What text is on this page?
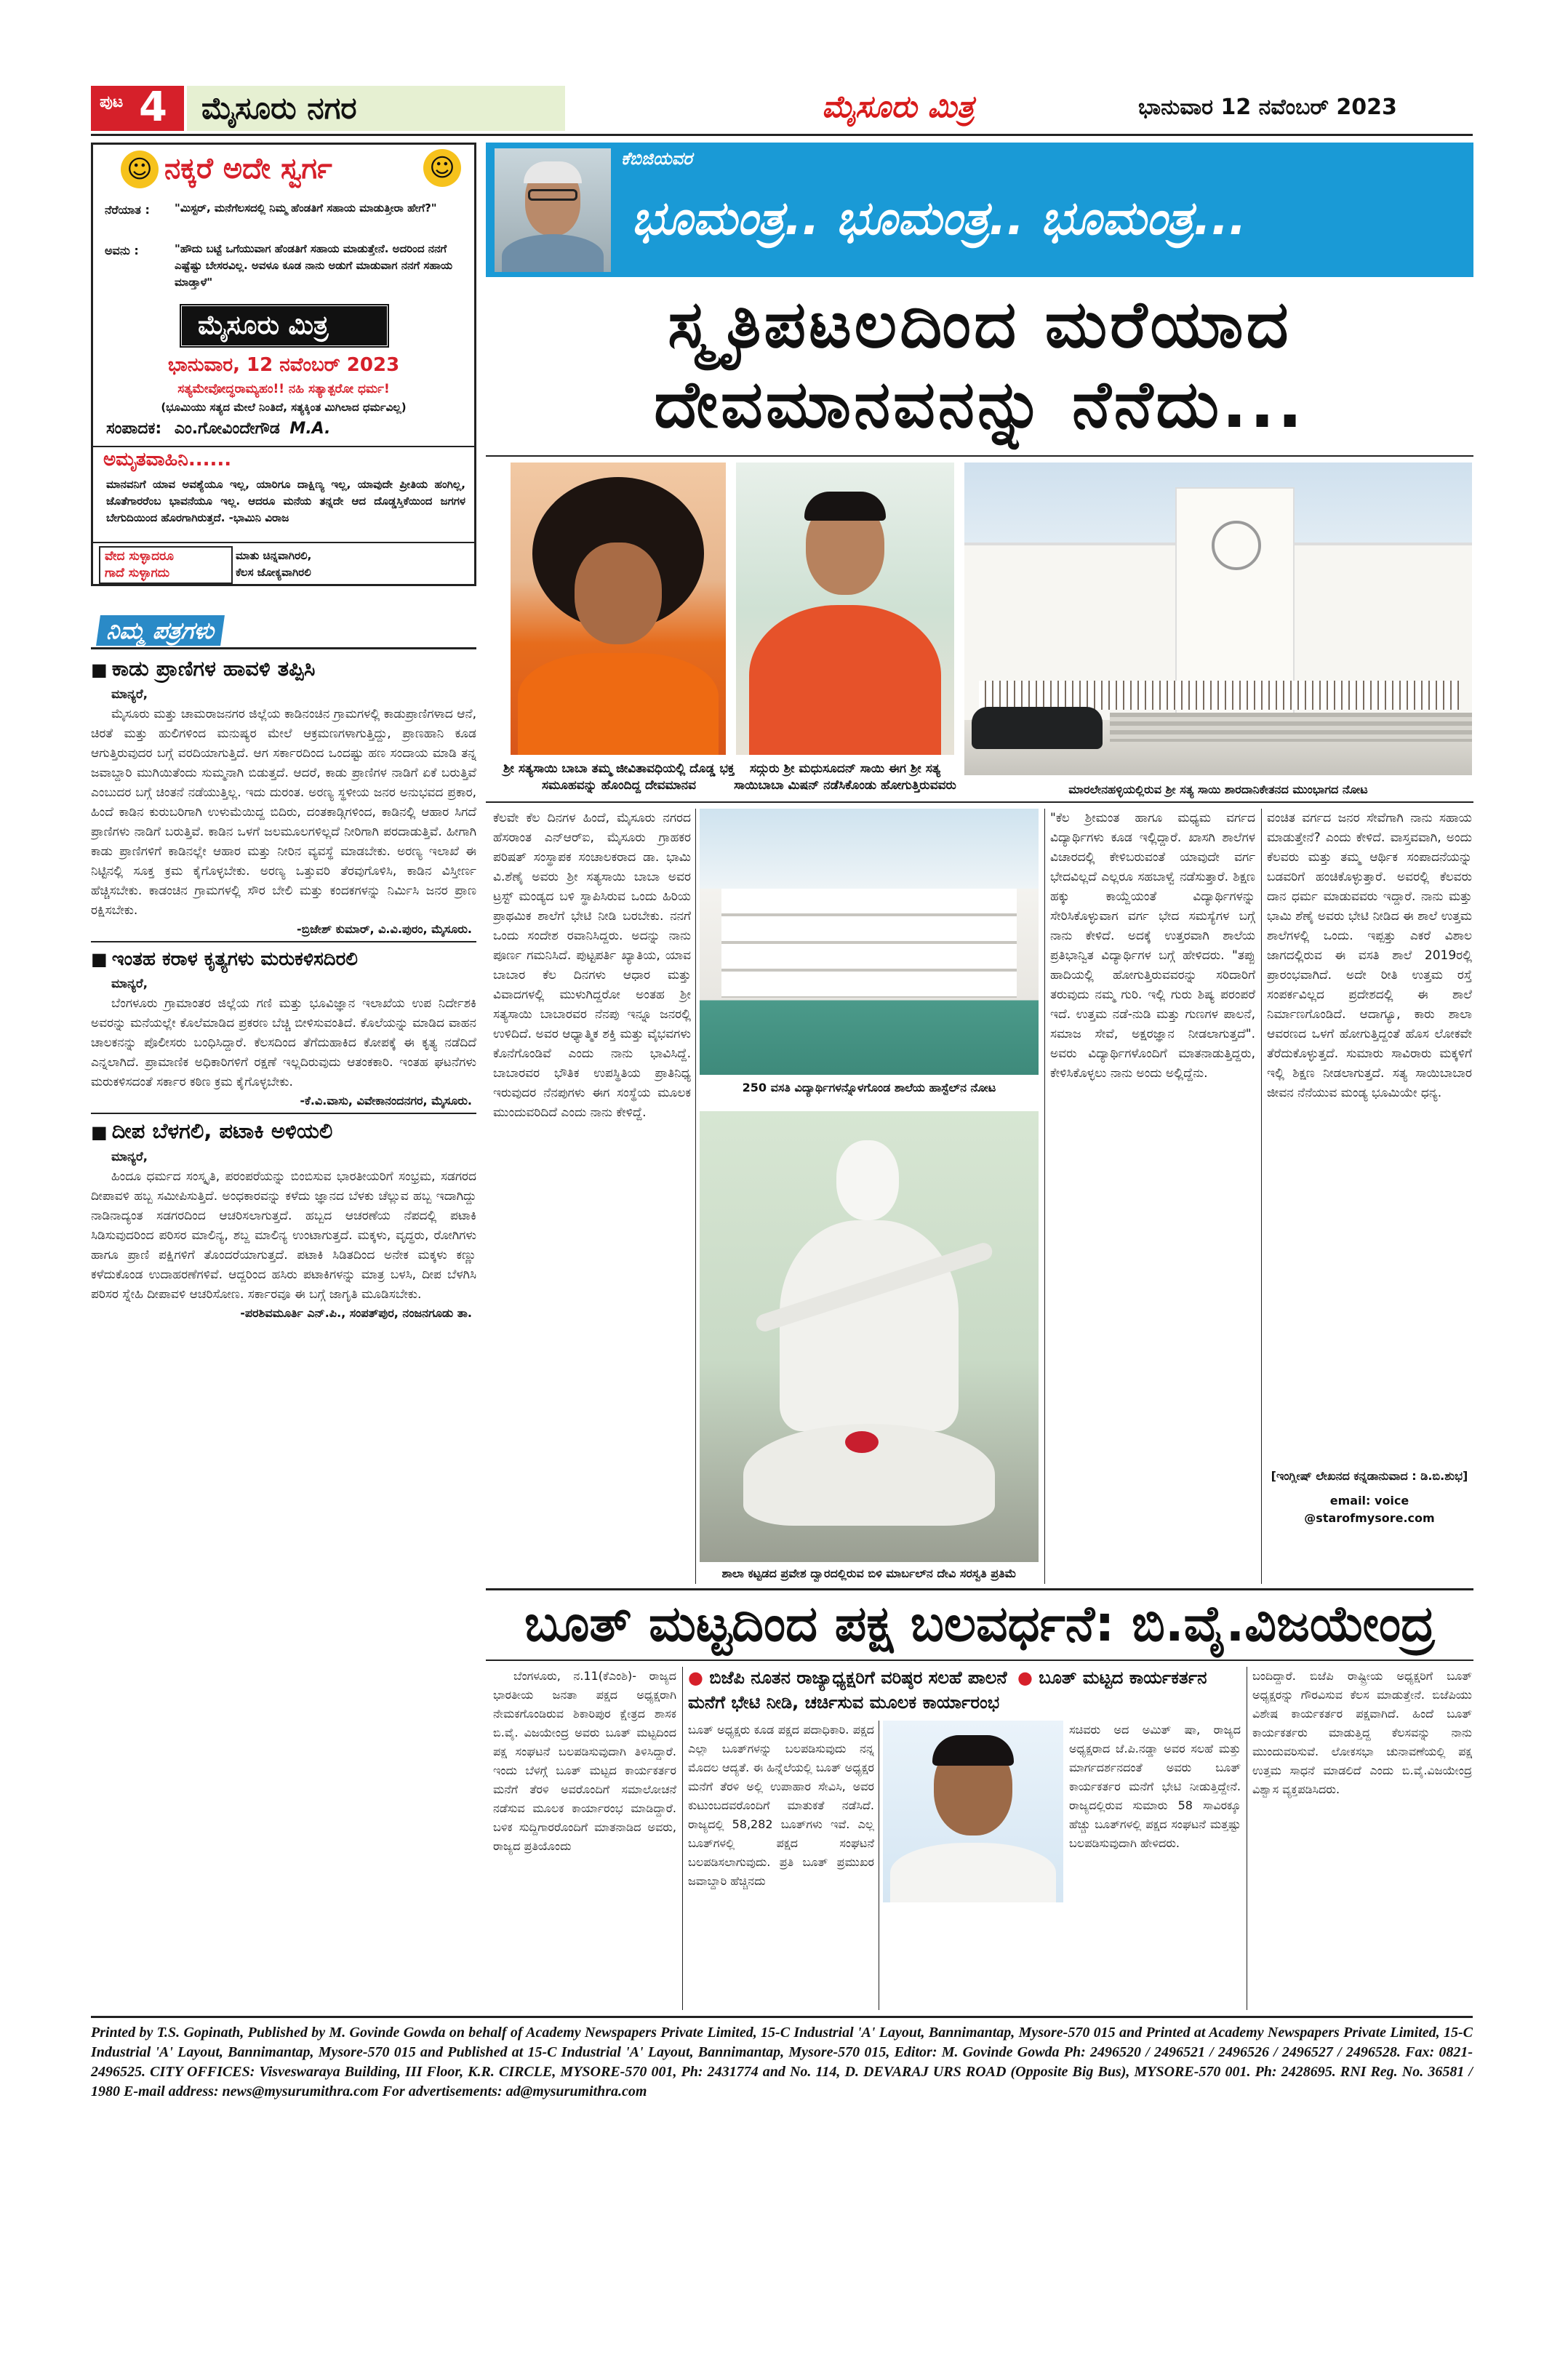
ಪುಟ 4 ಮೈಸೂರು ನಗರ	ಮೈಸೂರು ಮಿತ್ರ	ಭಾನುವಾರ 12 ನವೆಂಬರ್ 2023
☺ ನಕ್ಕರೆ ಅದೇ ಸ್ವರ್ಗ	☺
ನೆರೆಯಾತ : "ಮಿಸ್ಟರ್, ಮನೆಗೆಲಸದಲ್ಲಿ ನಿಮ್ಮ ಹೆಂಡತಿಗೆ ಸಹಾಯ ಮಾಡುತ್ತೀರಾ ಹೇಗೆ?"
ಅವನು :	"ಹೌದು ಬಟ್ಟೆ ಒಗೆಯುವಾಗ ಹೆಂಡತಿಗೆ ಸಹಾಯ ಮಾಡುತ್ತೇನೆ. ಅದರಿಂದ ನನಗೆ ಎಷ್ಟೆಷ್ಟು ಬೇಸರವಿಲ್ಲ. ಅವಳೂ ಕೂಡ ನಾನು ಅಡುಗೆ ಮಾಡುವಾಗ ನನಗೆ ಸಹಾಯ ಮಾಡ್ತಾಳೆ"
ಮೈಸೂರು ಮಿತ್ರ
ಭಾನುವಾರ, 12 ನವೆಂಬರ್ 2023
ಸತ್ಯಮೇವೋದ್ಧರಾಮ್ಯಹಂ!! ನಹಿ ಸತ್ಯಾತ್ಪರೋ ಧರ್ಮ!
(ಭೂಮಿಯು ಸತ್ಯದ ಮೇಲೆ ನಿಂತಿದೆ, ಸತ್ಯಕ್ಕಿಂತ ಮಿಗಿಲಾದ ಧರ್ಮವಿಲ್ಲ)
ಸಂಪಾದಕ: ಎಂ.ಗೋವಿಂದೇಗೌಡ M.A.
ಅಮೃತವಾಹಿನಿ......
ಮಾನವನಿಗೆ ಯಾವ ಅವಶ್ಯೆಯೂ ಇಲ್ಲ, ಯಾರಿಗೂ ದಾಕ್ಷಿಣ್ಯ ಇಲ್ಲ, ಯಾವುದೇ ಪ್ರೀತಿಯ ಹಂಗಿಲ್ಲ, ಜೊತೆಗಾರರೆಂಬ ಭಾವನೆಯೂ ಇಲ್ಲ. ಆದರೂ ಮನೆಯ ತನ್ನದೇ ಆದ ದೊಡ್ಡಸ್ತಿಕೆಯಿಂದ ಜಗಗಳ ಬೇಗುದಿಯಿಂದ ಹೊರಗಾಗಿರುತ್ತದೆ. -ಭಾಮಿನಿ ವಿರಾಜ
ವೇದ ಸುಳ್ಳಾದರೂ
ಗಾದೆ ಸುಳ್ಳಾಗದು
ಮಾತು ಚಿನ್ನವಾಗಿರಲಿ,
ಕೆಲಸ ಜೋಕ್ಯವಾಗಿರಲಿ
ನಿಮ್ಮ ಪತ್ರಗಳು
■ ಕಾಡು ಪ್ರಾಣಿಗಳ ಹಾವಳಿ ತಪ್ಪಿಸಿ
ಮಾನ್ಯರೆ,

ಮೈಸೂರು ಮತ್ತು ಚಾಮರಾಜನಗರ ಜಿಲ್ಲೆಯ ಕಾಡಿನಂಚಿನ ಗ್ರಾಮಗಳಲ್ಲಿ ಕಾಡುಪ್ರಾಣಿಗಳಾದ ಆನೆ, ಚಿರತೆ ಮತ್ತು ಹುಲಿಗಳಿಂದ ಮನುಷ್ಯರ ಮೇಲೆ ಆಕ್ರಮಣಗಳಾಗುತ್ತಿದ್ದು, ಪ್ರಾಣಹಾನಿ ಕೂಡ ಆಗುತ್ತಿರುವುದರ ಬಗ್ಗೆ ವರದಿಯಾಗುತ್ತಿದೆ. ಆಗ ಸರ್ಕಾರದಿಂದ ಒಂದಷ್ಟು ಹಣ ಸಂದಾಯ ಮಾಡಿ ತನ್ನ ಜವಾಬ್ದಾರಿ ಮುಗಿಯಿತೆಂದು ಸುಮ್ಮನಾಗಿ ಬಿಡುತ್ತದೆ. ಆದರೆ, ಕಾಡು ಪ್ರಾಣಿಗಳ ನಾಡಿಗೆ ಏಕೆ ಬರುತ್ತಿವೆ ಎಂಬುದರ ಬಗ್ಗೆ ಚಿಂತನೆ ನಡೆಯುತ್ತಿಲ್ಲ. ಇದು ದುರಂತ. ಅರಣ್ಯ ಸ್ಥಳೀಯ ಜನರ ಅನುಭವದ ಪ್ರಕಾರ, ಹಿಂದೆ ಕಾಡಿನ ಕುರುಬರಿಗಾಗಿ ಉಳುಮೆಯಿದ್ದ ಬಿದಿರು, ದಂತಕಾಡ್ಗಿಗಳಿಂದ, ಕಾಡಿನಲ್ಲಿ ಆಹಾರ ಸಿಗದೆ ಪ್ರಾಣಿಗಳು ನಾಡಿಗೆ ಬರುತ್ತಿವೆ. ಕಾಡಿನ ಒಳಗೆ ಜಲಮೂಲಗಳಿಲ್ಲದೆ ನೀರಿಗಾಗಿ ಪರದಾಡುತ್ತಿವೆ. ಹೀಗಾಗಿ ಕಾಡು ಪ್ರಾಣಿಗಳಿಗೆ ಕಾಡಿನಲ್ಲೇ ಆಹಾರ ಮತ್ತು ನೀರಿನ ವ್ಯವಸ್ಥೆ ಮಾಡಬೇಕು. ಅರಣ್ಯ ಇಲಾಖೆ ಈ ನಿಟ್ಟಿನಲ್ಲಿ ಸೂಕ್ತ ಕ್ರಮ ಕೈಗೊಳ್ಳಬೇಕು. ಅರಣ್ಯ ಒತ್ತುವರಿ ತೆರವುಗೊಳಿಸಿ, ಕಾಡಿನ ವಿಸ್ತೀರ್ಣ ಹೆಚ್ಚಿಸಬೇಕು. ಕಾಡಂಚಿನ ಗ್ರಾಮಗಳಲ್ಲಿ ಸೌರ ಬೇಲಿ ಮತ್ತು ಕಂದಕಗಳನ್ನು ನಿರ್ಮಿಸಿ ಜನರ ಪ್ರಾಣ ರಕ್ಷಿಸಬೇಕು.

-ಬ್ರಿಜೇಶ್ ಕುಮಾರ್, ವಿ.ವಿ.ಪುರಂ, ಮೈಸೂರು.
■ ಇಂತಹ ಕರಾಳ ಕೃತ್ಯಗಳು ಮರುಕಳಿಸದಿರಲಿ
ಮಾನ್ಯರೆ,

ಬೆಂಗಳೂರು ಗ್ರಾಮಾಂತರ ಜಿಲ್ಲೆಯ ಗಣಿ ಮತ್ತು ಭೂವಿಜ್ಞಾನ ಇಲಾಖೆಯ ಉಪ ನಿರ್ದೇಶಕಿ ಅವರನ್ನು ಮನೆಯಲ್ಲೇ ಕೊಲೆಮಾಡಿದ ಪ್ರಕರಣ ಬೆಚ್ಚಿ ಬೀಳಿಸುವಂತಿದೆ. ಕೊಲೆಯನ್ನು ಮಾಡಿದ ವಾಹನ ಚಾಲಕನನ್ನು ಪೊಲೀಸರು ಬಂಧಿಸಿದ್ದಾರೆ. ಕೆಲಸದಿಂದ ತೆಗೆದುಹಾಕಿದ ಕೋಪಕ್ಕೆ ಈ ಕೃತ್ಯ ನಡೆದಿದೆ ಎನ್ನಲಾಗಿದೆ. ಪ್ರಾಮಾಣಿಕ ಅಧಿಕಾರಿಗಳಿಗೆ ರಕ್ಷಣೆ ಇಲ್ಲದಿರುವುದು ಆತಂಕಕಾರಿ. ಇಂತಹ ಘಟನೆಗಳು ಮರುಕಳಿಸದಂತೆ ಸರ್ಕಾರ ಕಠಿಣ ಕ್ರಮ ಕೈಗೊಳ್ಳಬೇಕು.

-ಕೆ.ವಿ.ವಾಸು, ವಿವೇಕಾನಂದನಗರ, ಮೈಸೂರು.
■ ದೀಪ ಬೆಳಗಲಿ, ಪಟಾಕಿ ಅಳಿಯಲಿ
ಮಾನ್ಯರೆ,

ಹಿಂದೂ ಧರ್ಮದ ಸಂಸ್ಕೃತಿ, ಪರಂಪರೆಯನ್ನು ಬಿಂಬಿಸುವ ಭಾರತೀಯರಿಗೆ ಸಂಭ್ರಮ, ಸಡಗರದ ದೀಪಾವಳಿ ಹಬ್ಬ ಸಮೀಪಿಸುತ್ತಿದೆ. ಅಂಧಕಾರವನ್ನು ಕಳೆದು ಜ್ಞಾನದ ಬೆಳಕು ಚೆಲ್ಲುವ ಹಬ್ಬ ಇದಾಗಿದ್ದು ನಾಡಿನಾದ್ಯಂತ ಸಡಗರದಿಂದ ಆಚರಿಸಲಾಗುತ್ತದೆ. ಹಬ್ಬದ ಆಚರಣೆಯ ನೆಪದಲ್ಲಿ ಪಟಾಕಿ ಸಿಡಿಸುವುದರಿಂದ ಪರಿಸರ ಮಾಲಿನ್ಯ, ಶಬ್ದ ಮಾಲಿನ್ಯ ಉಂಟಾಗುತ್ತದೆ. ಮಕ್ಕಳು, ವೃದ್ಧರು, ರೋಗಿಗಳು ಹಾಗೂ ಪ್ರಾಣಿ ಪಕ್ಷಿಗಳಿಗೆ ತೊಂದರೆಯಾಗುತ್ತದೆ. ಪಟಾಕಿ ಸಿಡಿತದಿಂದ ಅನೇಕ ಮಕ್ಕಳು ಕಣ್ಣು ಕಳೆದುಕೊಂಡ ಉದಾಹರಣೆಗಳಿವೆ. ಆದ್ದರಿಂದ ಹಸಿರು ಪಟಾಕಿಗಳನ್ನು ಮಾತ್ರ ಬಳಸಿ, ದೀಪ ಬೆಳಗಿಸಿ ಪರಿಸರ ಸ್ನೇಹಿ ದೀಪಾವಳಿ ಆಚರಿಸೋಣ. ಸರ್ಕಾರವೂ ಈ ಬಗ್ಗೆ ಜಾಗೃತಿ ಮೂಡಿಸಬೇಕು.

-ಪರಶಿವಮೂರ್ತಿ ಎನ್.ಪಿ., ಸಂಪತ್‌ಪುರ, ನಂಜನಗೂಡು ತಾ.
ಕೆಬಿಜಿಯವರ
ಭೂಮಂತ್ರ.. ಭೂಮಂತ್ರ.. ಭೂಮಂತ್ರ...
ಸ್ಮೃತಿಪಟಲದಿಂದ ಮರೆಯಾದ
ದೇವಮಾನವನನ್ನು ನೆನೆದು...
ಶ್ರೀ ಸತ್ಯಸಾಯಿ ಬಾಬಾ ತಮ್ಮ ಜೀವಿತಾವಧಿಯಲ್ಲಿ ದೊಡ್ಡ ಭಕ್ತ ಸಮೂಹವನ್ನು ಹೊಂದಿದ್ದ ದೇವಮಾನವ
ಸದ್ಗುರು ಶ್ರೀ ಮಧುಸೂದನ್ ಸಾಯಿ ಈಗ ಶ್ರೀ ಸತ್ಯ ಸಾಯಿಬಾಬಾ ಮಿಷನ್ ನಡೆಸಿಕೊಂಡು ಹೋಗುತ್ತಿರುವವರು	ಮಾರಲೇನಹಳ್ಳಿಯಲ್ಲಿರುವ ಶ್ರೀ ಸತ್ಯ ಸಾಯಿ ಶಾರದಾನಿಕೇತನದ ಮುಂಭಾಗದ ನೋಟ

ಕೆಲವೇ ಕೆಲ ದಿನಗಳ ಹಿಂದೆ, ಮೈಸೂರು ನಗರದ ಹೆಸರಾಂತ ಎನ್‌ಆರ್‌ಐ, ಮೈಸೂರು ಗ್ರಾಹಕರ ಪರಿಷತ್ ಸಂಸ್ಥಾಪಕ ಸಂಚಾಲಕರಾದ ಡಾ. ಭಾಮಿ ವಿ.ಶೆಣೈ ಅವರು ಶ್ರೀ ಸತ್ಯಸಾಯಿ ಬಾಬಾ ಅವರ ಟ್ರಸ್ಟ್ ಮಂಡ್ಯದ ಬಳಿ ಸ್ಥಾಪಿಸಿರುವ ಒಂದು ಹಿರಿಯ ಪ್ರಾಥಮಿಕ ಶಾಲೆಗೆ ಭೇಟಿ ನೀಡಿ ಬರಬೇಕು. ನನಗೆ ಒಂದು ಸಂದೇಶ ರವಾನಿಸಿದ್ದರು. ಅದನ್ನು ನಾನು ಪೂರ್ಣ ಗಮನಿಸಿದೆ. ಪುಟ್ಟಪರ್ತಿ ಖ್ಯಾತಿಯ, ಯಾವ ಬಾಬಾರ ಕೆಲ ದಿನಗಳು ಆಧಾರ ಮತ್ತು ವಿವಾದಗಳಲ್ಲಿ ಮುಳುಗಿದ್ದರೋ ಅಂತಹ ಶ್ರೀ ಸತ್ಯಸಾಯಿ ಬಾಬಾರವರ ನೆನಪು ಇನ್ನೂ ಜನರಲ್ಲಿ ಉಳಿದಿದೆ. ಅವರ ಆಧ್ಯಾತ್ಮಿಕ ಶಕ್ತಿ ಮತ್ತು ವೈಭವಗಳು ಕೊನೆಗೊಂಡಿವೆ ಎಂದು ನಾನು ಭಾವಿಸಿದ್ದೆ. ಬಾಬಾರವರ ಭೌತಿಕ ಉಪಸ್ಥಿತಿಯ ಪ್ರಾತಿನಿಧ್ಯ ಇರುವುದರ ನೆನಪುಗಳು ಈಗ ಸಂಸ್ಥೆಯ ಮೂಲಕ ಮುಂದುವರಿದಿದೆ ಎಂದು ನಾನು ಕೇಳಿದ್ದೆ.

250 ವಸತಿ ವಿದ್ಯಾರ್ಥಿಗಳನ್ನೊಳಗೊಂಡ ಶಾಲೆಯ ಹಾಸ್ಟೆಲ್‌ನ ನೋಟ
ಶಾಲಾ ಕಟ್ಟಡದ ಪ್ರವೇಶ ದ್ವಾರದಲ್ಲಿರುವ ಬಿಳಿ ಮಾರ್ಬಲ್‌ನ ದೇವಿ ಸರಸ್ವತಿ ಪ್ರತಿಮೆ

"ಕೆಲ ಶ್ರೀಮಂತ ಹಾಗೂ ಮಧ್ಯಮ ವರ್ಗದ ವಿದ್ಯಾರ್ಥಿಗಳು ಕೂಡ ಇಲ್ಲಿದ್ದಾರೆ. ಖಾಸಗಿ ಶಾಲೆಗಳ ವಿಚಾರದಲ್ಲಿ ಕೇಳಿಬರುವಂತೆ ಯಾವುದೇ ವರ್ಗ ಭೇದವಿಲ್ಲದೆ ಎಲ್ಲರೂ ಸಹಬಾಳ್ವೆ ನಡೆಸುತ್ತಾರೆ. ಶಿಕ್ಷಣ ಹಕ್ಕು ಕಾಯ್ದೆಯಂತೆ ವಿದ್ಯಾರ್ಥಿಗಳನ್ನು ಸೇರಿಸಿಕೊಳ್ಳುವಾಗ ವರ್ಗ ಭೇದ ಸಮಸ್ಯೆಗಳ ಬಗ್ಗೆ ನಾನು ಕೇಳಿದೆ. ಅದಕ್ಕೆ ಉತ್ತರವಾಗಿ ಶಾಲೆಯ ಪ್ರತಿಭಾನ್ವಿತ ವಿದ್ಯಾರ್ಥಿಗಳ ಬಗ್ಗೆ ಹೇಳಿದರು. "ತಪ್ಪು ಹಾದಿಯಲ್ಲಿ ಹೋಗುತ್ತಿರುವವರನ್ನು ಸರಿದಾರಿಗೆ ತರುವುದು ನಮ್ಮ ಗುರಿ. ಇಲ್ಲಿ ಗುರು ಶಿಷ್ಯ ಪರಂಪರೆ ಇದೆ. ಉತ್ತಮ ನಡೆ-ನುಡಿ ಮತ್ತು ಗುಣಗಳ ಪಾಲನೆ, ಸಮಾಜ ಸೇವೆ, ಅಕ್ಷರಜ್ಞಾನ ನೀಡಲಾಗುತ್ತದೆ". ಅವರು ವಿದ್ಯಾರ್ಥಿಗಳೊಂದಿಗೆ ಮಾತನಾಡುತ್ತಿದ್ದರು, ಕೇಳಿಸಿಕೊಳ್ಳಲು ನಾನು ಅಂದು ಅಲ್ಲಿದ್ದೆನು.

ವಂಚಿತ ವರ್ಗದ ಜನರ ಸೇವೆಗಾಗಿ ನಾನು ಸಹಾಯ ಮಾಡುತ್ತೇನೆ? ಎಂದು ಕೇಳಿದೆ. ವಾಸ್ತವವಾಗಿ, ಅಂದು ಕೆಲವರು ಮತ್ತು ತಮ್ಮ ಆರ್ಥಿಕ ಸಂಪಾದನೆಯನ್ನು ಬಡವರಿಗೆ ಹಂಚಿಕೊಳ್ಳುತ್ತಾರೆ. ಅವರಲ್ಲಿ ಕೆಲವರು ದಾನ ಧರ್ಮ ಮಾಡುವವರು ಇದ್ದಾರೆ. ನಾನು ಮತ್ತು ಭಾಮಿ ಶೆಣೈ ಅವರು ಭೇಟಿ ನೀಡಿದ ಈ ಶಾಲೆ ಉತ್ತಮ ಶಾಲೆಗಳಲ್ಲಿ ಒಂದು. ಇಪ್ಪತ್ತು ಎಕರೆ ವಿಶಾಲ ಜಾಗದಲ್ಲಿರುವ ಈ ವಸತಿ ಶಾಲೆ 2019ರಲ್ಲಿ ಪ್ರಾರಂಭವಾಗಿದೆ. ಅದೇ ರೀತಿ ಉತ್ತಮ ರಸ್ತೆ ಸಂಪರ್ಕವಿಲ್ಲದ ಪ್ರದೇಶದಲ್ಲಿ ಈ ಶಾಲೆ ನಿರ್ಮಾಣಗೊಂಡಿದೆ. ಆದಾಗ್ಯೂ, ಕಾರು ಶಾಲಾ ಆವರಣದ ಒಳಗೆ ಹೋಗುತ್ತಿದ್ದಂತೆ ಹೊಸ ಲೋಕವೇ ತೆರೆದುಕೊಳ್ಳುತ್ತದೆ. ಸುಮಾರು ಸಾವಿರಾರು ಮಕ್ಕಳಿಗೆ ಇಲ್ಲಿ ಶಿಕ್ಷಣ ನೀಡಲಾಗುತ್ತದೆ. ಸತ್ಯ ಸಾಯಿಬಾಬಾರ ಜೀವನ ನೆನೆಯುವ ಮಂಡ್ಯ ಭೂಮಿಯೇ ಧನ್ಯ.

[ಇಂಗ್ಲೀಷ್ ಲೇಖನದ ಕನ್ನಡಾನುವಾದ : ಡಿ.ಬಿ.ಶುಭ]
email: voice
@starofmysore.com
ಬೂತ್ ಮಟ್ಟದಿಂದ ಪಕ್ಷ ಬಲವರ್ಧನೆ: ಬಿ.ವೈ.ವಿಜಯೇಂದ್ರ

ಬೆಂಗಳೂರು, ನ.11(ಕೆಎಂಶಿ)- ರಾಜ್ಯದ ಭಾರತೀಯ ಜನತಾ ಪಕ್ಷದ ಅಧ್ಯಕ್ಷರಾಗಿ ನೇಮಕಗೊಂಡಿರುವ ಶಿಕಾರಿಪುರ ಕ್ಷೇತ್ರದ ಶಾಸಕ ಬಿ.ವೈ. ವಿಜಯೇಂದ್ರ ಅವರು ಬೂತ್ ಮಟ್ಟದಿಂದ ಪಕ್ಷ ಸಂಘಟನೆ ಬಲಪಡಿಸುವುದಾಗಿ ತಿಳಿಸಿದ್ದಾರೆ. ಇಂದು ಬೆಳಗ್ಗೆ ಬೂತ್ ಮಟ್ಟದ ಕಾರ್ಯಕರ್ತರ ಮನೆಗೆ ತೆರಳಿ ಅವರೊಂದಿಗೆ ಸಮಾಲೋಚನೆ ನಡೆಸುವ ಮೂಲಕ ಕಾರ್ಯಾರಂಭ ಮಾಡಿದ್ದಾರೆ. ಬಳಿಕ ಸುದ್ದಿಗಾರರೊಂದಿಗೆ ಮಾತನಾಡಿದ ಅವರು, ರಾಜ್ಯದ ಪ್ರತಿಯೊಂದು

● ಬಿಜೆಪಿ ನೂತನ ರಾಜ್ಯಾಧ್ಯಕ್ಷರಿಗೆ ವರಿಷ್ಠರ ಸಲಹೆ ಪಾಲನೆ ● ಬೂತ್ ಮಟ್ಟದ ಕಾರ್ಯಕರ್ತನ ಮನೆಗೆ ಭೇಟಿ ನೀಡಿ, ಚರ್ಚಿಸುವ ಮೂಲಕ ಕಾರ್ಯಾರಂಭ

ಬೂತ್ ಅಧ್ಯಕ್ಷರು ಕೂಡ ಪಕ್ಷದ ಪದಾಧಿಕಾರಿ. ಪಕ್ಷದ ಎಲ್ಲಾ ಬೂತ್‌ಗಳನ್ನು ಬಲಪಡಿಸುವುದು ನನ್ನ ಮೊದಲ ಆದ್ಯತೆ. ಈ ಹಿನ್ನೆಲೆಯಲ್ಲಿ ಬೂತ್ ಅಧ್ಯಕ್ಷರ ಮನೆಗೆ ತೆರಳಿ ಅಲ್ಲಿ ಉಪಾಹಾರ ಸೇವಿಸಿ, ಅವರ ಕುಟುಂಬದವರೊಂದಿಗೆ ಮಾತುಕತೆ ನಡೆಸಿದೆ. ರಾಜ್ಯದಲ್ಲಿ 58,282 ಬೂತ್‌ಗಳು ಇವೆ. ಎಲ್ಲ ಬೂತ್‌ಗಳಲ್ಲಿ ಪಕ್ಷದ ಸಂಘಟನೆ ಬಲಪಡಿಸಲಾಗುವುದು. ಪ್ರತಿ ಬೂತ್ ಪ್ರಮುಖರ ಜವಾಬ್ದಾರಿ ಹೆಚ್ಚಿನದು

ಸಚಿವರು ಅದ ಅಮಿತ್ ಷಾ, ರಾಜ್ಯದ ಅಧ್ಯಕ್ಷರಾದ ಜೆ.ಪಿ.ನಡ್ಡಾ ಅವರ ಸಲಹೆ ಮತ್ತು ಮಾರ್ಗದರ್ಶನದಂತೆ ಅವರು ಬೂತ್ ಕಾರ್ಯಕರ್ತರ ಮನೆಗೆ ಭೇಟಿ ನೀಡುತ್ತಿದ್ದೇನೆ. ರಾಜ್ಯದಲ್ಲಿರುವ ಸುಮಾರು 58 ಸಾವಿರಕ್ಕೂ ಹೆಚ್ಚು ಬೂತ್‌ಗಳಲ್ಲಿ ಪಕ್ಷದ ಸಂಘಟನೆ ಮತ್ತಷ್ಟು ಬಲಪಡಿಸುವುದಾಗಿ ಹೇಳಿದರು.

ಬಂದಿದ್ದಾರೆ. ಬಿಜೆಪಿ ರಾಷ್ಟ್ರೀಯ ಅಧ್ಯಕ್ಷರಿಗೆ ಬೂತ್ ಅಧ್ಯಕ್ಷರನ್ನು ಗೌರವಿಸುವ ಕೆಲಸ ಮಾಡುತ್ತೇನೆ. ಬಿಜೆಪಿಯು ವಿಶೇಷ ಕಾರ್ಯಕರ್ತರ ಪಕ್ಷವಾಗಿದೆ. ಹಿಂದೆ ಬೂತ್ ಕಾರ್ಯಕರ್ತರು ಮಾಡುತ್ತಿದ್ದ ಕೆಲಸವನ್ನು ನಾನು ಮುಂದುವರಿಸುವೆ. ಲೋಕಸಭಾ ಚುನಾವಣೆಯಲ್ಲಿ ಪಕ್ಷ ಉತ್ತಮ ಸಾಧನೆ ಮಾಡಲಿದೆ ಎಂದು ಬಿ.ವೈ.ವಿಜಯೇಂದ್ರ ವಿಶ್ವಾಸ ವ್ಯಕ್ತಪಡಿಸಿದರು.

Printed by T.S. Gopinath, Published by M. Govinde Gowda on behalf of Academy Newspapers Private Limited, 15-C Industrial 'A' Layout, Bannimantap, Mysore-570 015 and Printed at Academy Newspapers Private Limited, 15-C Industrial 'A' Layout, Bannimantap, Mysore-570 015 and Published at 15-C Industrial 'A' Layout, Bannimantap, Mysore-570 015, Editor: M. Govinde Gowda Ph: 2496520 / 2496521 / 2496526 / 2496527 / 2496528. Fax: 0821-2496525. CITY OFFICES: Visveswaraya Building, III Floor, K.R. CIRCLE, MYSORE-570 001, Ph: 2431774 and No. 114, D. DEVARAJ URS ROAD (Opposite Big Bus), MYSORE-570 001. Ph: 2428695. RNI Reg. No. 36581 / 1980 E-mail address: news@mysurumithra.com For advertisements: ad@mysurumithra.com
